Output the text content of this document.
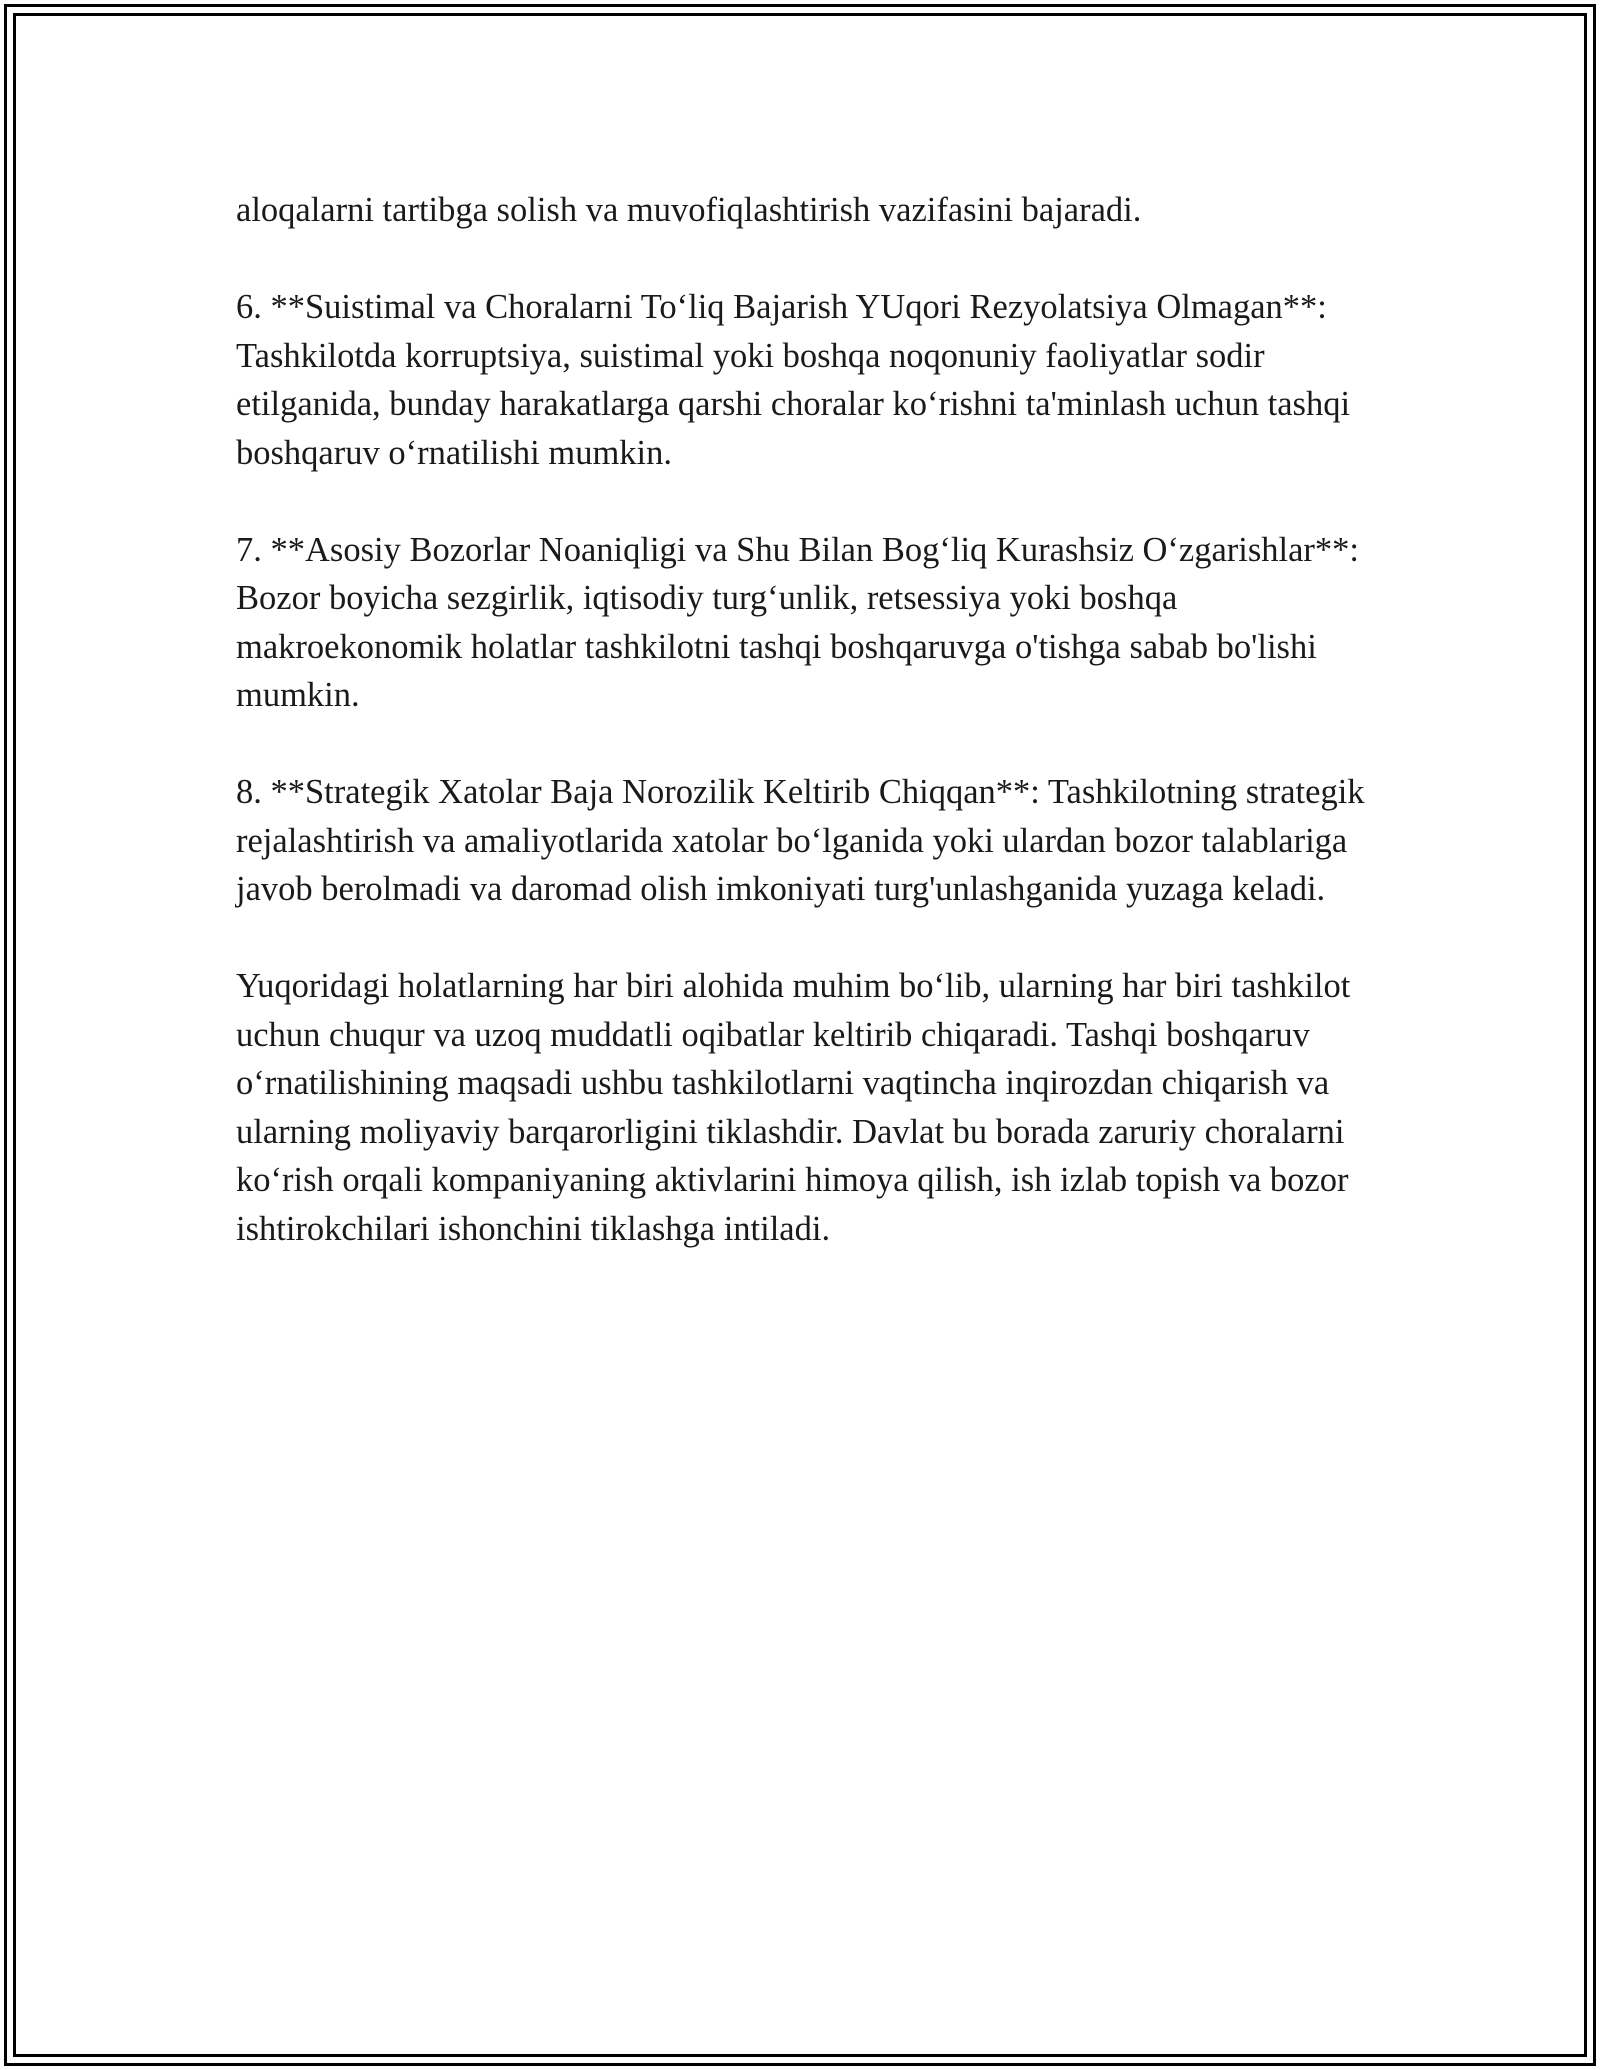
aloqalarni tartibga solish va muvofiqlashtirish vazifasini bajaradi.

6. **Suistimal va Choralarni To‘liq Bajarish YUqori Rezyolatsiya Olmagan**: Tashkilotda korruptsiya, suistimal yoki boshqa noqonuniy faoliyatlar sodir etilganida, bunday harakatlarga qarshi choralar ko‘rishni ta'minlash uchun tashqi boshqaruv o‘rnatilishi mumkin.

7. **Asosiy Bozorlar Noaniqligi va Shu Bilan Bog‘liq Kurashsiz O‘zgarishlar**: Bozor boyicha sezgirlik, iqtisodiy turg‘unlik, retsessiya yoki boshqa makroekonomik holatlar tashkilotni tashqi boshqaruvga o'tishga sabab bo'lishi mumkin.

8. **Strategik Xatolar Baja Norozilik Keltirib Chiqqan**: Tashkilotning strategik rejalashtirish va amaliyotlarida xatolar bo‘lganida yoki ulardan bozor talablariga javob berolmadi va daromad olish imkoniyati turg'unlashganida yuzaga keladi.

Yuqoridagi holatlarning har biri alohida muhim bo‘lib, ularning har biri tashkilot uchun chuqur va uzoq muddatli oqibatlar keltirib chiqaradi. Tashqi boshqaruv o‘rnatilishining maqsadi ushbu tashkilotlarni vaqtincha inqirozdan chiqarish va ularning moliyaviy barqarorligini tiklashdir. Davlat bu borada zaruriy choralarni ko‘rish orqali kompaniyaning aktivlarini himoya qilish, ish izlab topish va bozor ishtirokchilari ishonchini tiklashga intiladi.
